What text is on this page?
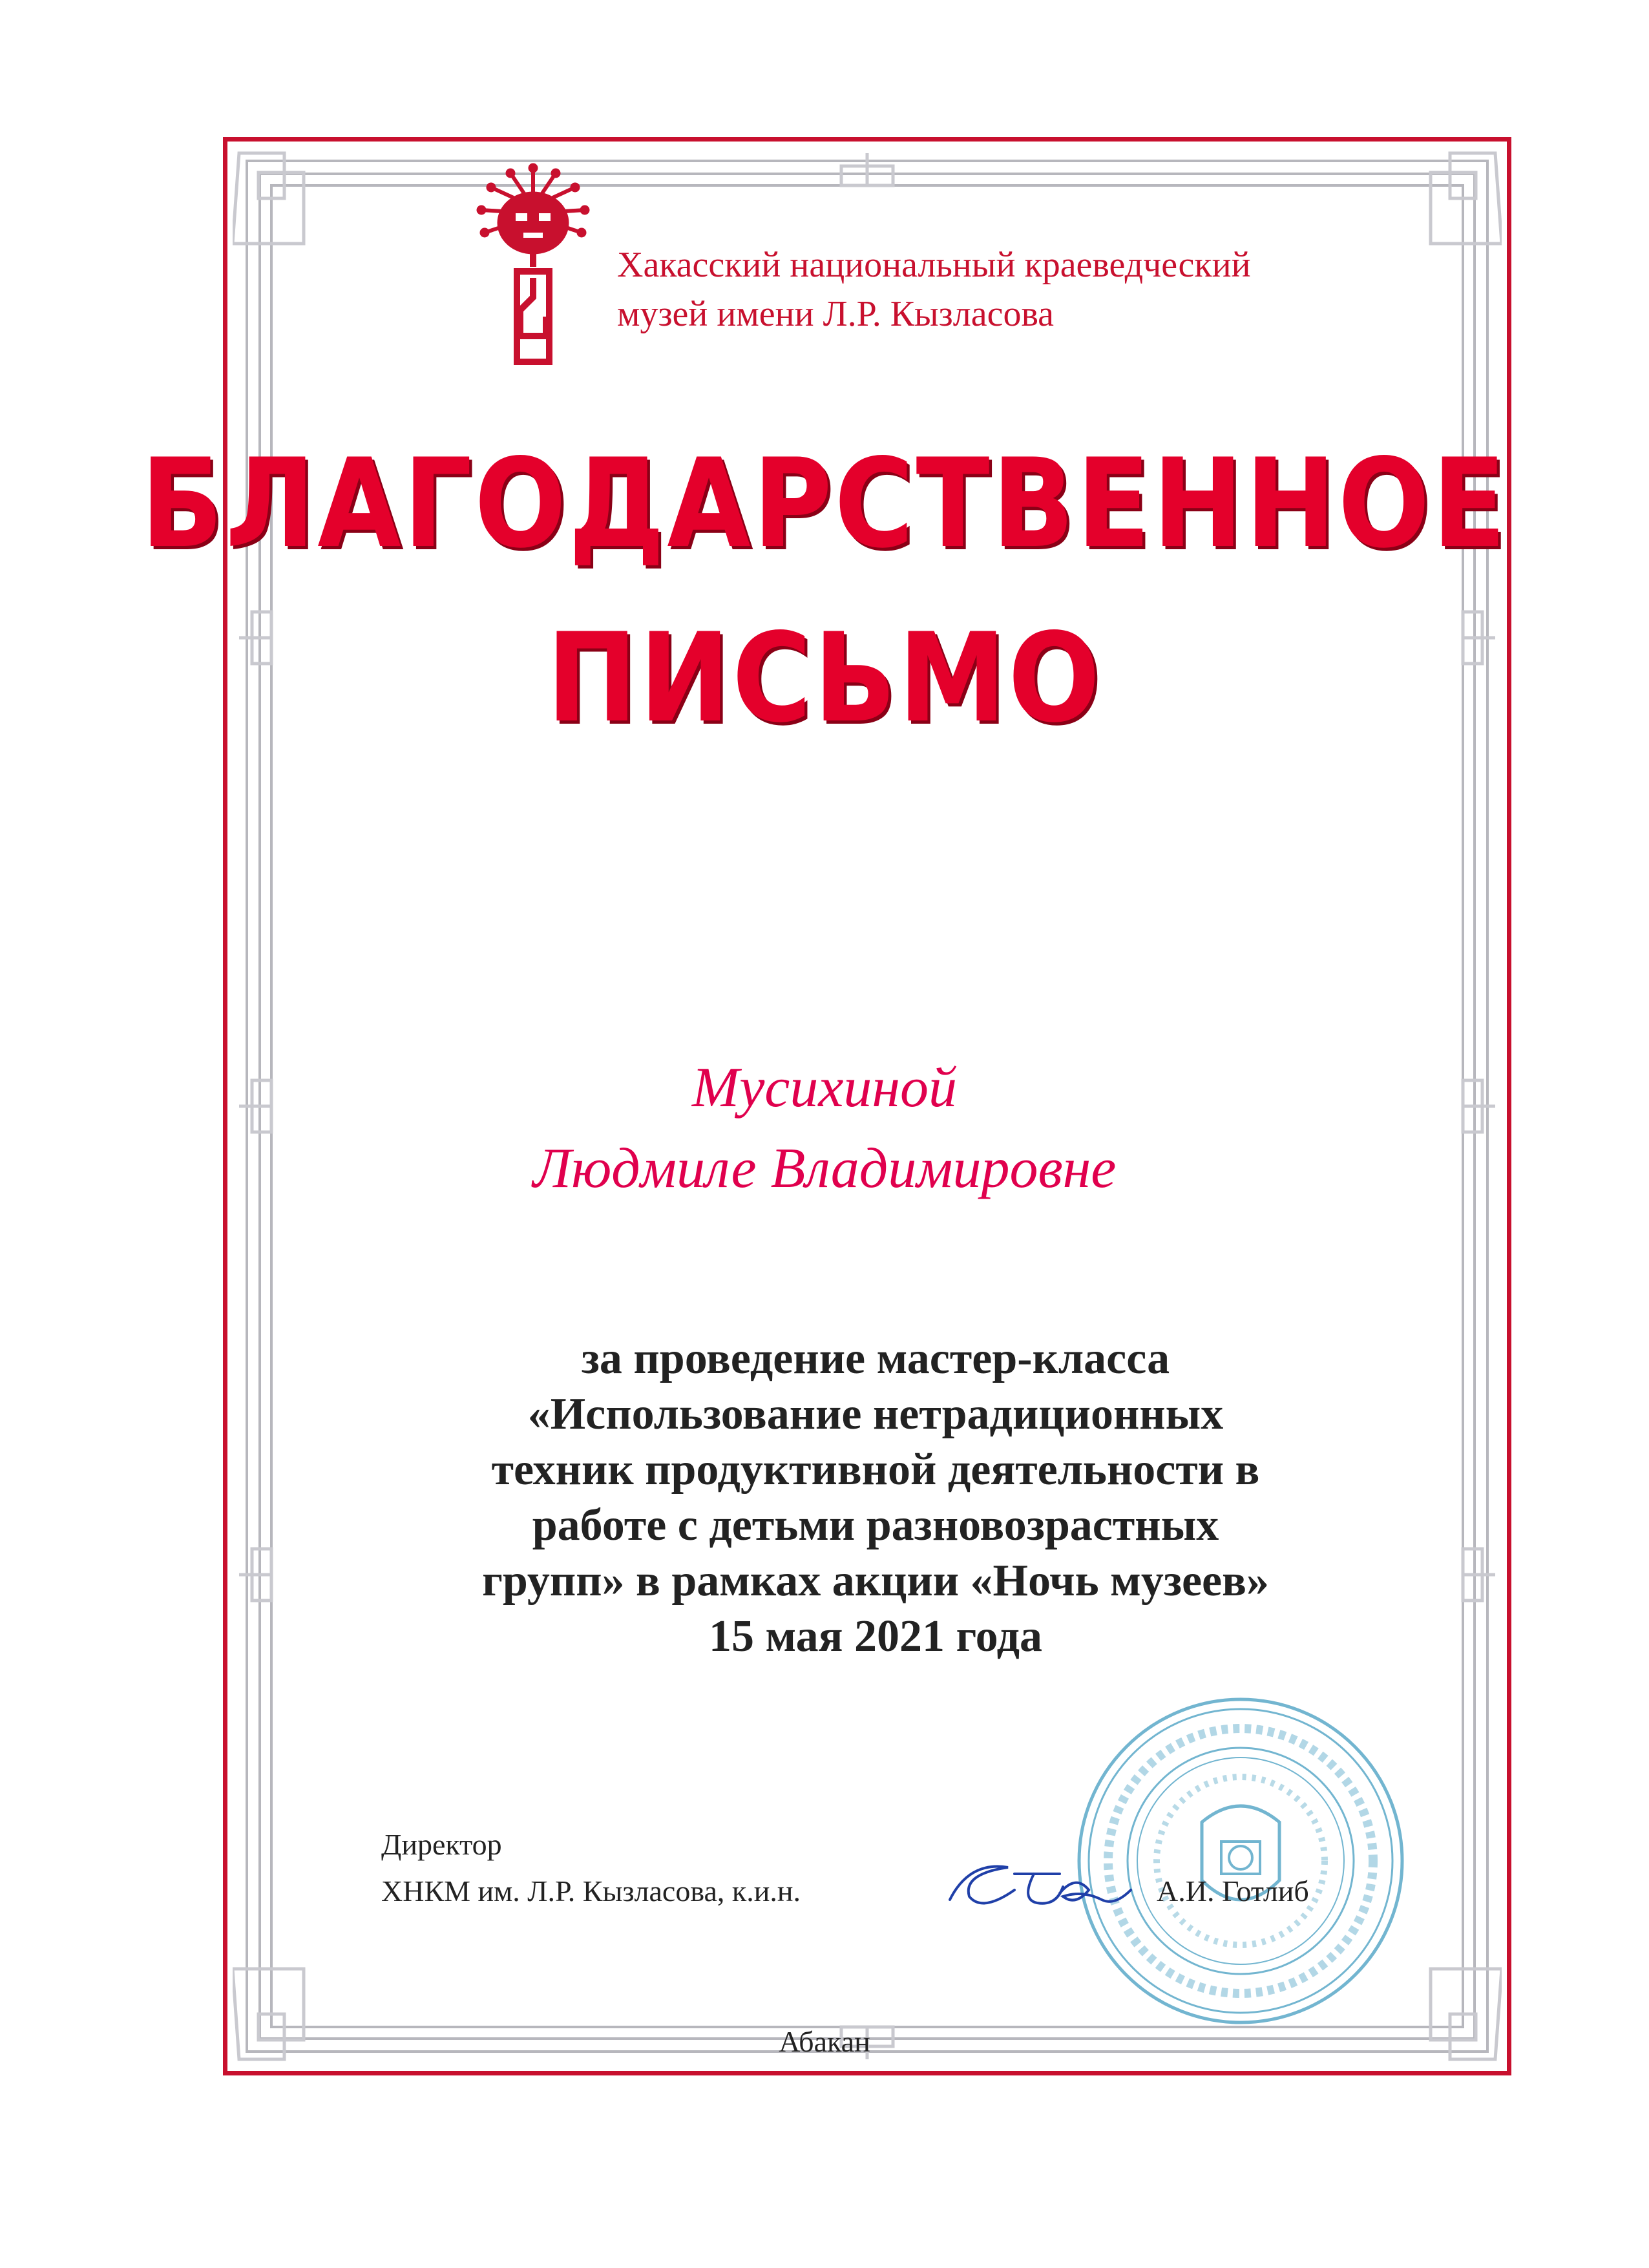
Хакасский национальный краеведческий
музей имени Л.Р. Кызласова
БЛАГОДАРСТВЕННОЕ
ПИСЬМО
Мусихиной
Людмиле Владимировне
за проведение мастер-класса
«Использование нетрадиционных
техник продуктивной деятельности в
работе с детьми разновозрастных
групп» в рамках акции «Ночь музеев»
15 мая 2021 года
Директор
ХНКМ им. Л.Р. Кызласова, к.и.н.	А.И. Готлиб
Абакан
